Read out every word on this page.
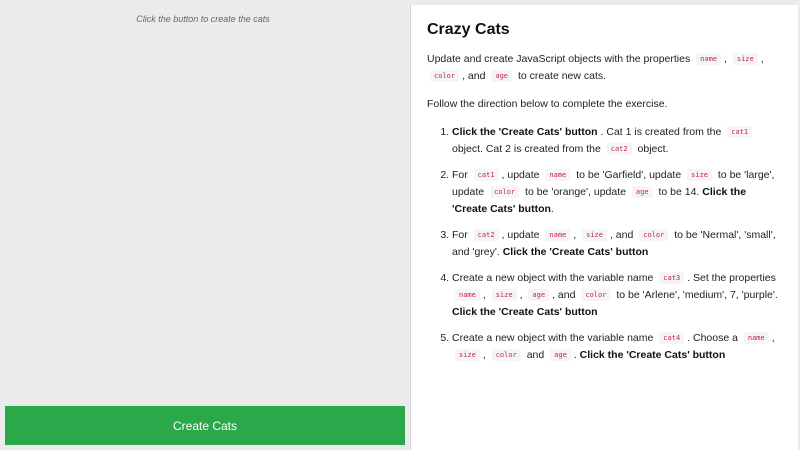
Click the button to create the cats
Create Cats
Crazy Cats

Update and create JavaScript objects with the properties name , size , color , and age to create new cats.

Follow the direction below to complete the exercise.

1. Click the 'Create Cats' button . Cat 1 is created from the cat1 object. Cat 2 is created from the cat2 object.
2. For cat1 , update name to be 'Garfield', update size to be 'large', update color to be 'orange', update age to be 14. Click the 'Create Cats' button.
3. For cat2 , update name , size , and color to be 'Nermal', 'small', and 'grey'. Click the 'Create Cats' button
4. Create a new object with the variable name cat3 . Set the properties name , size , age , and color to be 'Arlene', 'medium', 7, 'purple'. Click the 'Create Cats' button
5. Create a new object with the variable name cat4 . Choose a name , size , color and age . Click the 'Create Cats' button
